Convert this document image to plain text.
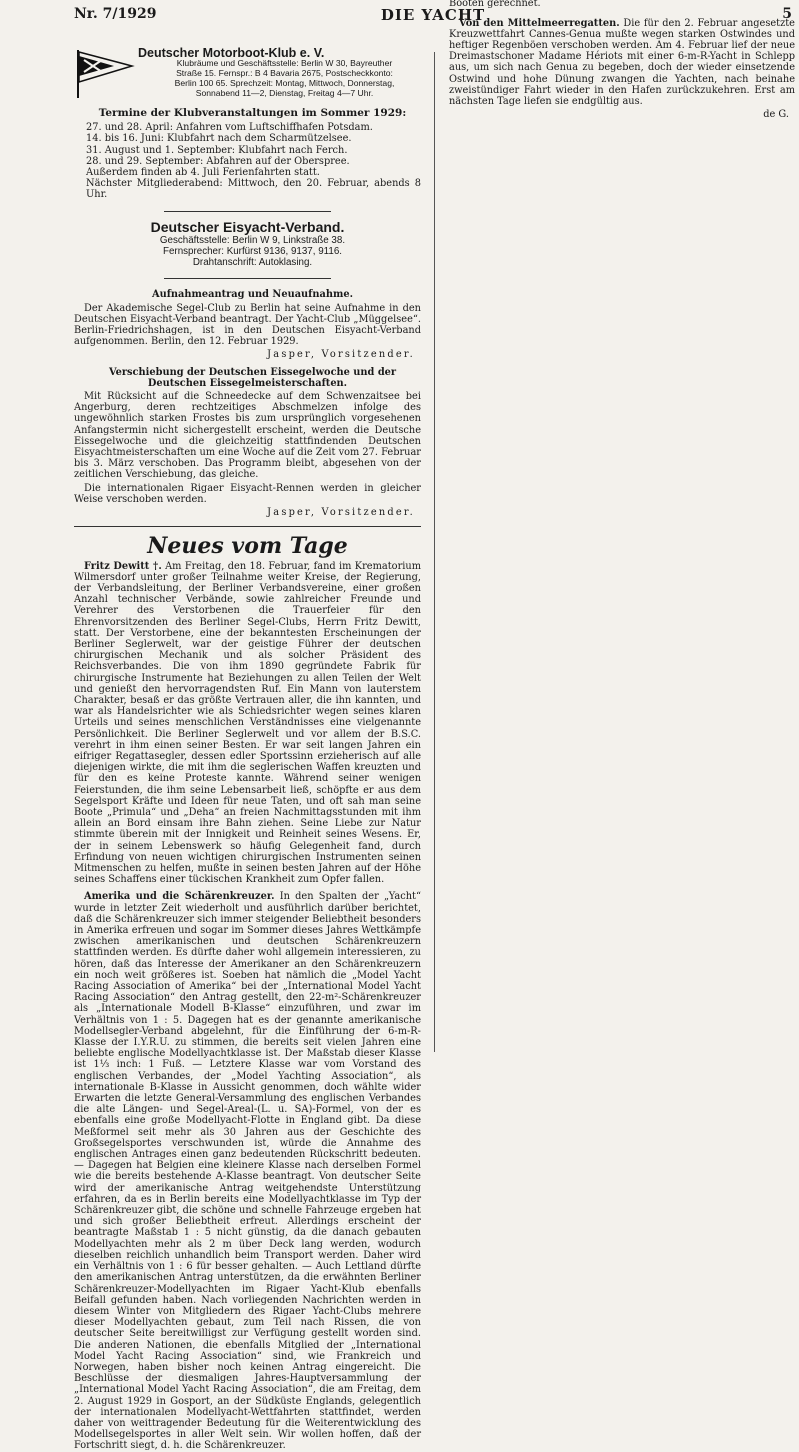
Nr. 7/1929	DIE YACHT	5
Deutscher Motorboot-Klub e. V.

Klubräume und Geschäftsstelle: Berlin W 30, Bayreuther

Straße 15. Fernspr.: B 4 Bavaria 2675, Postscheckkonto:

Berlin 100 65. Sprechzeit: Montag, Mittwoch, Donnerstag,

Sonnabend 11—2, Dienstag, Freitag 4—7 Uhr.

Termine der Klubveranstaltungen im Sommer 1929:

27. und 28. April: Anfahren vom Luftschiffhafen Potsdam.

14. bis 16. Juni: Klubfahrt nach dem Scharmützelsee.

31. August und 1. September: Klubfahrt nach Ferch.

28. und 29. September: Abfahren auf der Oberspree.

Außerdem finden ab 4. Juli Ferienfahrten statt.

Nächster Mitgliederabend: Mittwoch, den 20. Februar, abends 8 Uhr.

Deutscher Eisyacht-Verband.

Geschäftsstelle: Berlin W 9, Linkstraße 38.

Fernsprecher: Kurfürst 9136, 9137, 9116.

Drahtanschrift: Autoklasing.

Aufnahmeantrag und Neuaufnahme.

Der Akademische Segel-Club zu Berlin hat seine Aufnahme in den Deutschen Eisyacht-Verband beantragt. Der Yacht-Club „Müggelsee“. Berlin-Friedrichshagen, ist in den Deutschen Eisyacht-Verband aufgenommen. Berlin, den 12. Februar 1929.

Jasper, Vorsitzender.

Verschiebung der Deutschen Eissegelwoche und der Deutschen Eissegelmeisterschaften.

Mit Rücksicht auf die Schneedecke auf dem Schwenzaitsee bei Angerburg, deren rechtzeitiges Abschmelzen infolge des ungewöhnlich starken Frostes bis zum ursprünglich vorgesehenen Anfangstermin nicht sichergestellt erscheint, werden die Deutsche Eissegelwoche und die gleichzeitig stattfindenden Deutschen Eisyachtmeisterschaften um eine Woche auf die Zeit vom 27. Februar bis 3. März verschoben. Das Programm bleibt, abgesehen von der zeitlichen Verschiebung, das gleiche.

Die internationalen Rigaer Eisyacht-Rennen werden in gleicher Weise verschoben werden.

Jasper, Vorsitzender.

Neues vom Tage

Fritz Dewitt †. Am Freitag, den 18. Februar, fand im Krematorium Wilmersdorf unter großer Teilnahme weiter Kreise, der Regierung, der Verbandsleitung, der Berliner Verbandsvereine, einer großen Anzahl technischer Verbände, sowie zahlreicher Freunde und Verehrer des Verstorbenen die Trauerfeier für den Ehrenvorsitzenden des Berliner Segel-Clubs, Herrn Fritz Dewitt, statt. Der Verstorbene, eine der bekanntesten Erscheinungen der Berliner Seglerwelt, war der geistige Führer der deutschen chirurgischen Mechanik und als solcher Präsident des Reichsverbandes. Die von ihm 1890 gegründete Fabrik für chirurgische Instrumente hat Beziehungen zu allen Teilen der Welt und genießt den hervorragendsten Ruf. Ein Mann von lauterstem Charakter, besaß er das größte Vertrauen aller, die ihn kannten, und war als Handelsrichter wie als Schiedsrichter wegen seines klaren Urteils und seines menschlichen Verständnisses eine vielgenannte Persönlichkeit. Die Berliner Seglerwelt und vor allem der B.S.C. verehrt in ihm einen seiner Besten. Er war seit langen Jahren ein eifriger Regattasegler, dessen edler Sportssinn erzieherisch auf alle diejenigen wirkte, die mit ihm die seglerischen Waffen kreuzten und für den es keine Proteste kannte. Während seiner wenigen Feierstunden, die ihm seine Lebensarbeit ließ, schöpfte er aus dem Segelsport Kräfte und Ideen für neue Taten, und oft sah man seine Boote „Primula“ und „Deha“ an freien Nachmittagsstunden mit ihm allein an Bord einsam ihre Bahn ziehen. Seine Liebe zur Natur stimmte überein mit der Innigkeit und Reinheit seines Wesens. Er, der in seinem Lebenswerk so häufig Gelegenheit fand, durch Erfindung von neuen wichtigen chirurgischen Instrumenten seinen Mitmenschen zu helfen, mußte in seinen besten Jahren auf der Höhe seines Schaffens einer tückischen Krankheit zum Opfer fallen.

Amerika und die Schärenkreuzer. In den Spalten der „Yacht“ wurde in letzter Zeit wiederholt und ausführlich darüber berichtet, daß die Schärenkreuzer sich immer steigender Beliebtheit besonders in Amerika erfreuen und sogar im Sommer dieses Jahres Wettkämpfe zwischen amerikanischen und deutschen Schärenkreuzern stattfinden werden. Es dürfte daher wohl allgemein interessieren, zu hören, daß das Interesse der Amerikaner an den Schärenkreuzern ein noch weit größeres ist. Soeben hat nämlich die „Model Yacht Racing Association of Amerika“ bei der „International Model Yacht Racing Association“ den Antrag gestellt, den 22-m²-Schärenkreuzer als „Internationale Modell B-Klasse“ einzuführen, und zwar im Verhältnis von 1 : 5. Dagegen hat es der genannte amerikanische Modellsegler-Verband abgelehnt, für die Einführung der 6-m-R-Klasse der I.Y.R.U. zu stimmen, die bereits seit vielen Jahren eine beliebte englische Modellyachtklasse ist. Der Maßstab dieser Klasse ist 1⅓ inch: 1 Fuß. — Letztere Klasse war vom Vorstand des englischen Verbandes, der „Model Yachting Association“, als internationale B-Klasse in Aussicht genommen, doch wählte wider Erwarten die letzte General-Versammlung des englischen Verbandes die alte Längen- und Segel-Areal-(L. u. SA)-Formel, von der es ebenfalls eine große Modellyacht-Flotte in England gibt. Da diese Meßformel seit mehr als 30 Jahren aus der Geschichte des Großsegelsportes verschwunden ist, würde die Annahme des englischen Antrages einen ganz bedeutenden Rückschritt bedeuten. — Dagegen hat Belgien eine kleinere Klasse nach derselben Formel wie die bereits bestehende A-Klasse beantragt. Von deutscher Seite wird der amerikanische Antrag weitgehendste Unterstützung erfahren, da es in Berlin bereits eine Modellyachtklasse im Typ der Schärenkreuzer gibt, die schöne und schnelle Fahrzeuge ergeben hat und sich großer Beliebtheit erfreut. Allerdings erscheint der beantragte Maßstab 1 : 5 nicht günstig, da die danach gebauten Modellyachten mehr als 2 m über Deck lang werden, wodurch dieselben reichlich unhandlich beim Transport werden. Daher wird ein Verhältnis von 1 : 6 für besser gehalten. — Auch Lettland dürfte den amerikanischen Antrag unterstützen, da die erwähnten Berliner Schärenkreuzer-Modellyachten im Rigaer Yacht-Klub ebenfalls Beifall gefunden haben. Nach vorliegenden Nachrichten werden in diesem Winter von Mitgliedern des Rigaer Yacht-Clubs mehrere dieser Modellyachten gebaut, zum Teil nach Rissen, die von deutscher Seite bereitwilligst zur Verfügung gestellt worden sind. Die anderen Nationen, die ebenfalls Mitglied der „International Model Yacht Racing Association“ sind, wie Frankreich und Norwegen, haben bisher noch keinen Antrag eingereicht. Die Beschlüsse der diesmaligen Jahres-Hauptversammlung der „International Model Yacht Racing Association“, die am Freitag, dem 2. August 1929 in Gosport, an der Südküste Englands, gelegentlich der internationalen Modellyacht-Wettfahrten stattfindet, werden daher von weittragender Bedeutung für die Weiterentwicklung des Modellsegelsportes in aller Welt sein. Wir wollen hoffen, daß der Fortschritt siegt, d. h. die Schärenkreuzer.

Booten gerechnet.

Von den Mittelmeerregatten. Die für den 2. Februar angesetzte Kreuzwettfahrt Cannes-Genua mußte wegen starken Ostwindes und heftiger Regenböen verschoben werden. Am 4. Februar lief der neue Dreimastschoner Madame Hériots mit einer 6-m-R-Yacht in Schlepp aus, um sich nach Genua zu begeben, doch der wieder einsetzende Ostwind und hohe Dünung zwangen die Yachten, nach beinahe zweistündiger Fahrt wieder in den Hafen zurückzukehren. Erst am nächsten Tage liefen sie endgültig aus.

de G.
